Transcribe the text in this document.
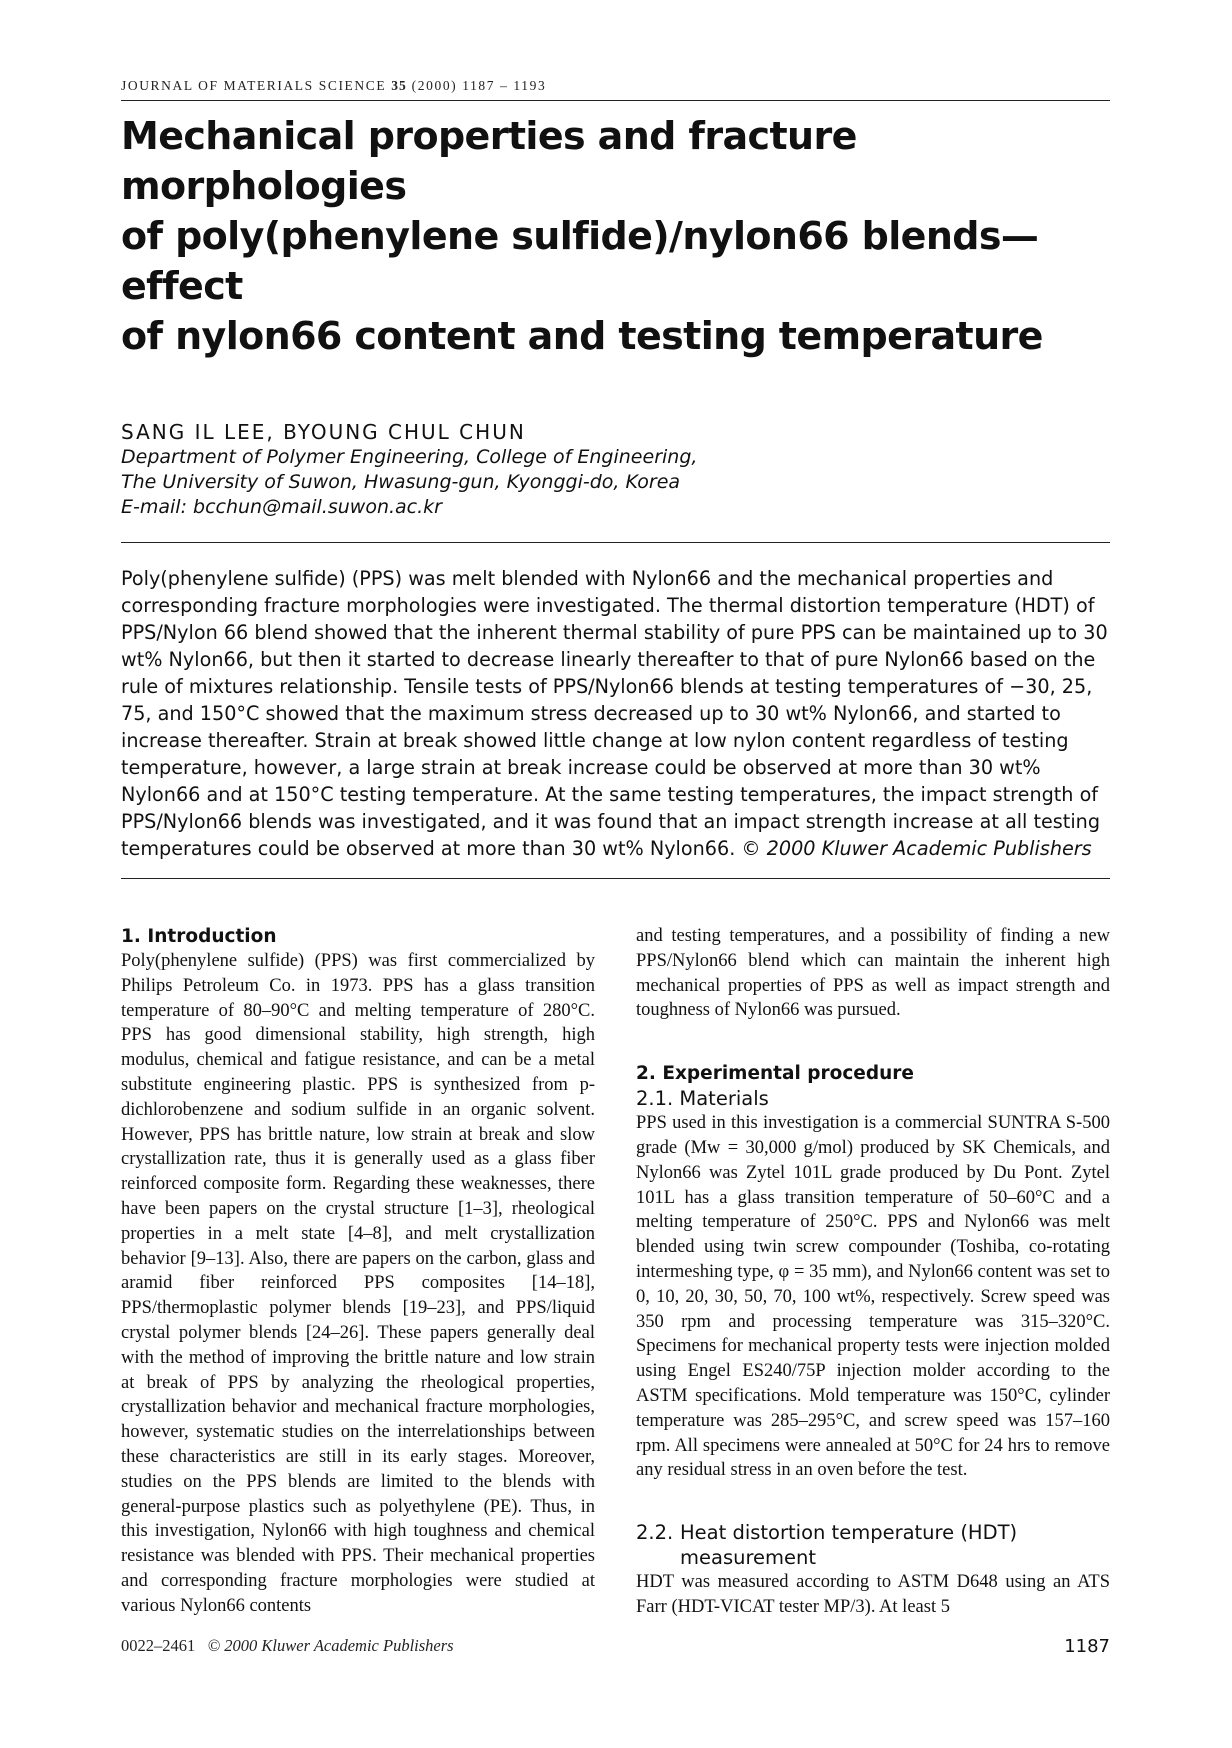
JOURNAL OF MATERIALS SCIENCE 35 (2000) 1187 – 1193
Mechanical properties and fracture morphologies
of poly(phenylene sulfide)/nylon66 blends—effect
of nylon66 content and testing temperature
SANG IL LEE, BYOUNG CHUL CHUN
Department of Polymer Engineering, College of Engineering,
The University of Suwon, Hwasung-gun, Kyonggi-do, Korea
E-mail: bcchun@mail.suwon.ac.kr
Poly(phenylene sulfide) (PPS) was melt blended with Nylon66 and the mechanical properties and corresponding fracture morphologies were investigated. The thermal distortion temperature (HDT) of PPS/Nylon 66 blend showed that the inherent thermal stability of pure PPS can be maintained up to 30 wt% Nylon66, but then it started to decrease linearly thereafter to that of pure Nylon66 based on the rule of mixtures relationship. Tensile tests of PPS/Nylon66 blends at testing temperatures of −30, 25, 75, and 150°C showed that the maximum stress decreased up to 30 wt% Nylon66, and started to increase thereafter. Strain at break showed little change at low nylon content regardless of testing temperature, however, a large strain at break increase could be observed at more than 30 wt% Nylon66 and at 150°C testing temperature. At the same testing temperatures, the impact strength of PPS/Nylon66 blends was investigated, and it was found that an impact strength increase at all testing temperatures could be observed at more than 30 wt% Nylon66. © 2000 Kluwer Academic Publishers
1. Introduction

Poly(phenylene sulfide) (PPS) was first commercialized by Philips Petroleum Co. in 1973. PPS has a glass transition temperature of 80–90°C and melting temperature of 280°C. PPS has good dimensional stability, high strength, high modulus, chemical and fatigue resistance, and can be a metal substitute engineering plastic. PPS is synthesized from p-dichlorobenzene and sodium sulfide in an organic solvent. However, PPS has brittle nature, low strain at break and slow crystallization rate, thus it is generally used as a glass fiber reinforced composite form. Regarding these weaknesses, there have been papers on the crystal structure [1–3], rheological properties in a melt state [4–8], and melt crystallization behavior [9–13]. Also, there are papers on the carbon, glass and aramid fiber reinforced PPS composites [14–18], PPS/thermoplastic polymer blends [19–23], and PPS/liquid crystal polymer blends [24–26]. These papers generally deal with the method of improving the brittle nature and low strain at break of PPS by analyzing the rheological properties, crystallization behavior and mechanical fracture morphologies, however, systematic studies on the interrelationships between these characteristics are still in its early stages. Moreover, studies on the PPS blends are limited to the blends with general-purpose plastics such as polyethylene (PE). Thus, in this investigation, Nylon66 with high toughness and chemical resistance was blended with PPS. Their mechanical properties and corresponding fracture morphologies were studied at various Nylon66 contents

and testing temperatures, and a possibility of finding a new PPS/Nylon66 blend which can maintain the inherent high mechanical properties of PPS as well as impact strength and toughness of Nylon66 was pursued.

2. Experimental procedure
2.1. Materials

PPS used in this investigation is a commercial SUNTRA S-500 grade (Mw = 30,000 g/mol) produced by SK Chemicals, and Nylon66 was Zytel 101L grade produced by Du Pont. Zytel 101L has a glass transition temperature of 50–60°C and a melting temperature of 250°C. PPS and Nylon66 was melt blended using twin screw compounder (Toshiba, co-rotating intermeshing type, φ = 35 mm), and Nylon66 content was set to 0, 10, 20, 30, 50, 70, 100 wt%, respectively. Screw speed was 350 rpm and processing temperature was 315–320°C. Specimens for mechanical property tests were injection molded using Engel ES240/75P injection molder according to the ASTM specifications. Mold temperature was 150°C, cylinder temperature was 285–295°C, and screw speed was 157–160 rpm. All specimens were annealed at 50°C for 24 hrs to remove any residual stress in an oven before the test.

2.2. Heat distortion temperature (HDT)
measurement

HDT was measured according to ASTM D648 using an ATS Farr (HDT-VICAT tester MP/3). At least 5

0022–2461 © 2000 Kluwer Academic Publishers	1187
